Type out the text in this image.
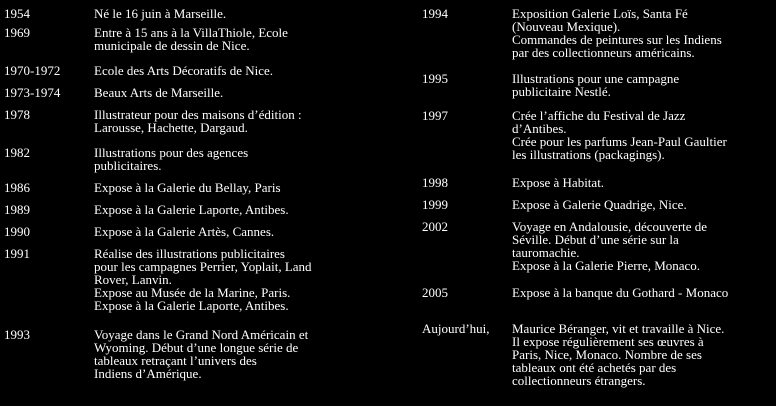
1954	Né le 16 juin à Marseille.
1969	Entre à 15 ans à la VillaThiole, Ecole
municipale de dessin de Nice.
1970-1972	Ecole des Arts Décoratifs de Nice.
1973-1974	Beaux Arts de Marseille.
1978	Illustrateur pour des maisons d’édition :
Larousse, Hachette, Dargaud.
1982	Illustrations pour des agences
publicitaires.
1986	Expose à la Galerie du Bellay, Paris
1989	Expose à la Galerie Laporte, Antibes.
1990	Expose à la Galerie Artès, Cannes.
1991	Réalise des illustrations publicitaires
pour les campagnes Perrier, Yoplait, Land
Rover, Lanvin.
Expose au Musée de la Marine, Paris.
Expose à la Galerie Laporte, Antibes.
1993	Voyage dans le Grand Nord Américain et
Wyoming. Début d’une longue série de
tableaux retraçant l’univers des
Indiens d’Amérique.
1994	Exposition Galerie Loïs, Santa Fé
(Nouveau Mexique).
Commandes de peintures sur les Indiens
par des collectionneurs américains.
1995	Illustrations pour une campagne
publicitaire Nestlé.
1997	Crée l’affiche du Festival de Jazz
d’Antibes.
Crée pour les parfums Jean-Paul Gaultier
les illustrations (packagings).
1998	Expose à Habitat.
1999	Expose à Galerie Quadrige, Nice.
2002	Voyage en Andalousie, découverte de
Séville. Début d’une série sur la
tauromachie.
Expose à la Galerie Pierre, Monaco.
2005	Expose à la banque du Gothard - Monaco
Aujourd’hui,	Maurice Béranger, vit et travaille à Nice.
Il expose régulièrement ses œuvres à
Paris, Nice, Monaco. Nombre de ses
tableaux ont été achetés par des
collectionneurs étrangers.
